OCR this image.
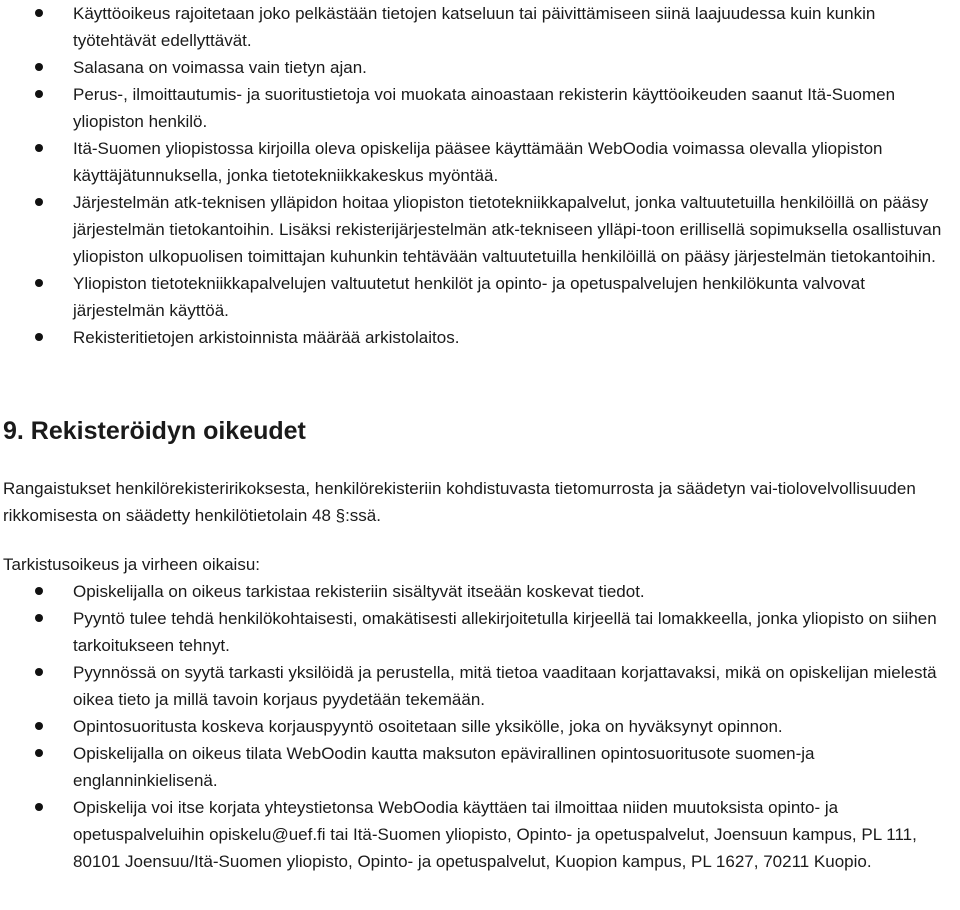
Käyttöoikeus rajoitetaan joko pelkästään tietojen katseluun tai päivittämiseen siinä laajuudessa kuin kunkin työtehtävät edellyttävät.
Salasana on voimassa vain tietyn ajan.
Perus-, ilmoittautumis- ja suoritustietoja voi muokata ainoastaan rekisterin käyttöoikeuden saanut Itä-Suomen yliopiston henkilö.
Itä-Suomen yliopistossa kirjoilla oleva opiskelija pääsee käyttämään WebOodia voimassa olevalla yliopiston käyttäjätunnuksella, jonka tietotekniikkakeskus myöntää.
Järjestelmän atk-teknisen ylläpidon hoitaa yliopiston tietotekniikkapalvelut, jonka valtuutetuilla henkilöillä on pääsy järjestelmän tietokantoihin. Lisäksi rekisterijärjestelmän atk-tekniseen ylläpi-toon erillisellä sopimuksella osallistuvan yliopiston ulkopuolisen toimittajan kuhunkin tehtävään valtuutetuilla henkilöillä on pääsy järjestelmän tietokantoihin.
Yliopiston tietotekniikkapalvelujen valtuutetut henkilöt ja opinto- ja opetuspalvelujen henkilökunta valvovat järjestelmän käyttöä.
Rekisteritietojen arkistoinnista määrää arkistolaitos.
9. Rekisteröidyn oikeudet

Rangaistukset henkilörekisteririkoksesta, henkilörekisteriin kohdistuvasta tietomurrosta ja säädetyn vai-tiolovelvollisuuden rikkomisesta on säädetty henkilötietolain 48 §:ssä.

Tarkistusoikeus ja virheen oikaisu:

Opiskelijalla on oikeus tarkistaa rekisteriin sisältyvät itseään koskevat tiedot.
Pyyntö tulee tehdä henkilökohtaisesti, omakätisesti allekirjoitetulla kirjeellä tai lomakkeella, jonka yliopisto on siihen tarkoitukseen tehnyt.
Pyynnössä on syytä tarkasti yksilöidä ja perustella, mitä tietoa vaaditaan korjattavaksi, mikä on opiskelijan mielestä oikea tieto ja millä tavoin korjaus pyydetään tekemään.
Opintosuoritusta koskeva korjauspyyntö osoitetaan sille yksikölle, joka on hyväksynyt opinnon.
Opiskelijalla on oikeus tilata WebOodin kautta maksuton epävirallinen opintosuoritusote suomen-ja englanninkielisenä.
Opiskelija voi itse korjata yhteystietonsa WebOodia käyttäen tai ilmoittaa niiden muutoksista opinto- ja opetuspalveluihin opiskelu@uef.fi tai Itä-Suomen yliopisto, Opinto- ja opetuspalvelut, Joensuun kampus, PL 111, 80101 Joensuu/Itä-Suomen yliopisto, Opinto- ja opetuspalvelut, Kuopion kampus, PL 1627, 70211 Kuopio.
